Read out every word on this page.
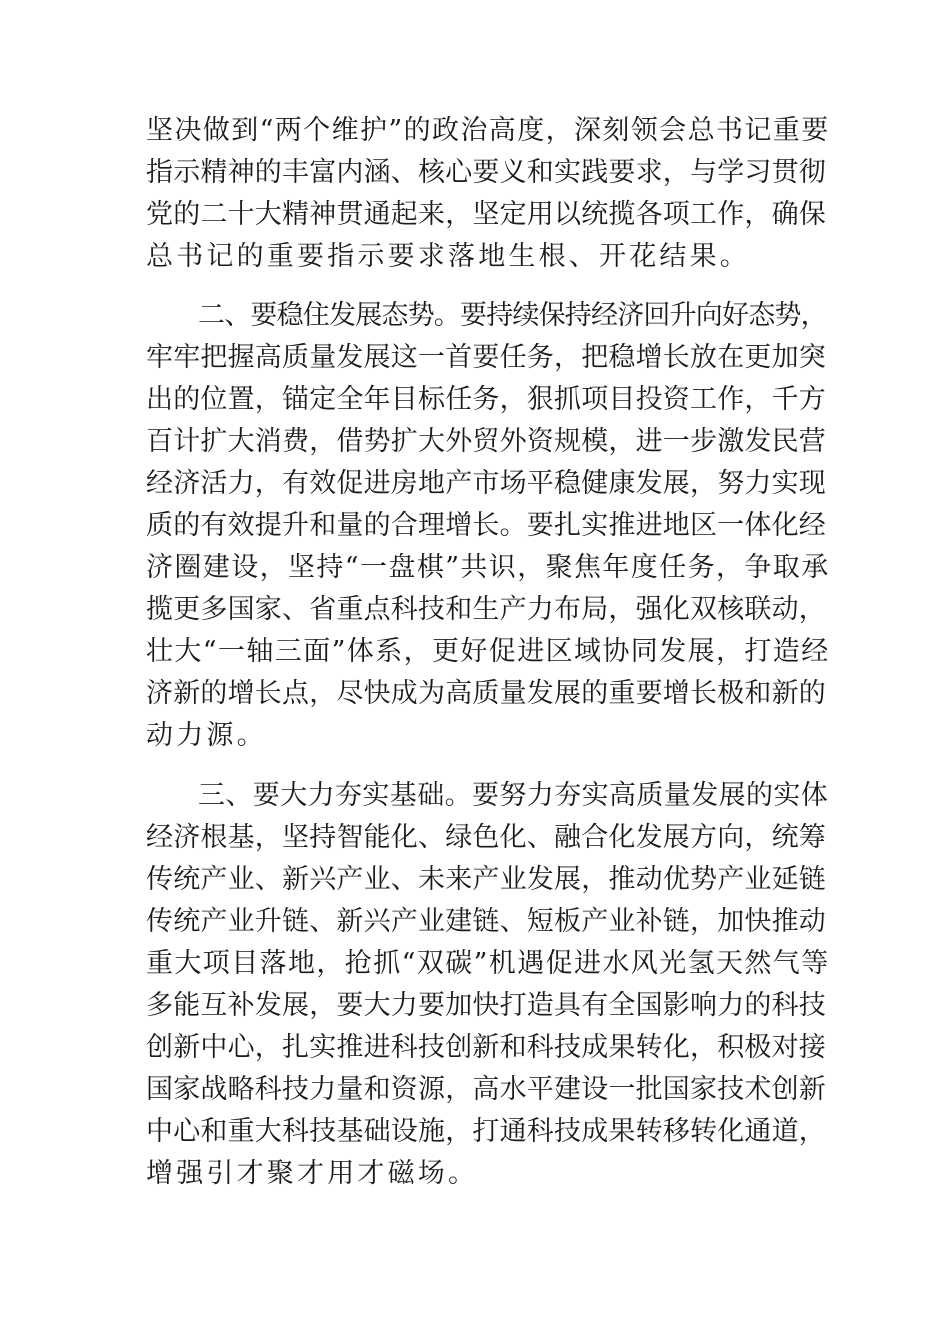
坚决做到“两个维护”的政治高度，深刻领会总书记重要
指示精神的丰富内涵、核心要义和实践要求，与学习贯彻
党的二十大精神贯通起来，坚定用以统揽各项工作，确保
总书记的重要指示要求落地生根、开花结果。
二、要稳住发展态势。要持续保持经济回升向好态势，
牢牢把握高质量发展这一首要任务，把稳增长放在更加突
出的位置，锚定全年目标任务，狠抓项目投资工作，千方
百计扩大消费，借势扩大外贸外资规模，进一步激发民营
经济活力，有效促进房地产市场平稳健康发展，努力实现
质的有效提升和量的合理增长。要扎实推进地区一体化经
济圈建设，坚持“一盘棋”共识，聚焦年度任务，争取承
揽更多国家、省重点科技和生产力布局，强化双核联动，
壮大“一轴三面”体系，更好促进区域协同发展，打造经
济新的增长点，尽快成为高质量发展的重要增长极和新的
动力源。
三、要大力夯实基础。要努力夯实高质量发展的实体
经济根基，坚持智能化、绿色化、融合化发展方向，统筹
传统产业、新兴产业、未来产业发展，推动优势产业延链
传统产业升链、新兴产业建链、短板产业补链，加快推动
重大项目落地，抢抓“双碳”机遇促进水风光氢天然气等
多能互补发展，要大力要加快打造具有全国影响力的科技
创新中心，扎实推进科技创新和科技成果转化，积极对接
国家战略科技力量和资源，高水平建设一批国家技术创新
中心和重大科技基础设施，打通科技成果转移转化通道，
增强引才聚才用才磁场。
